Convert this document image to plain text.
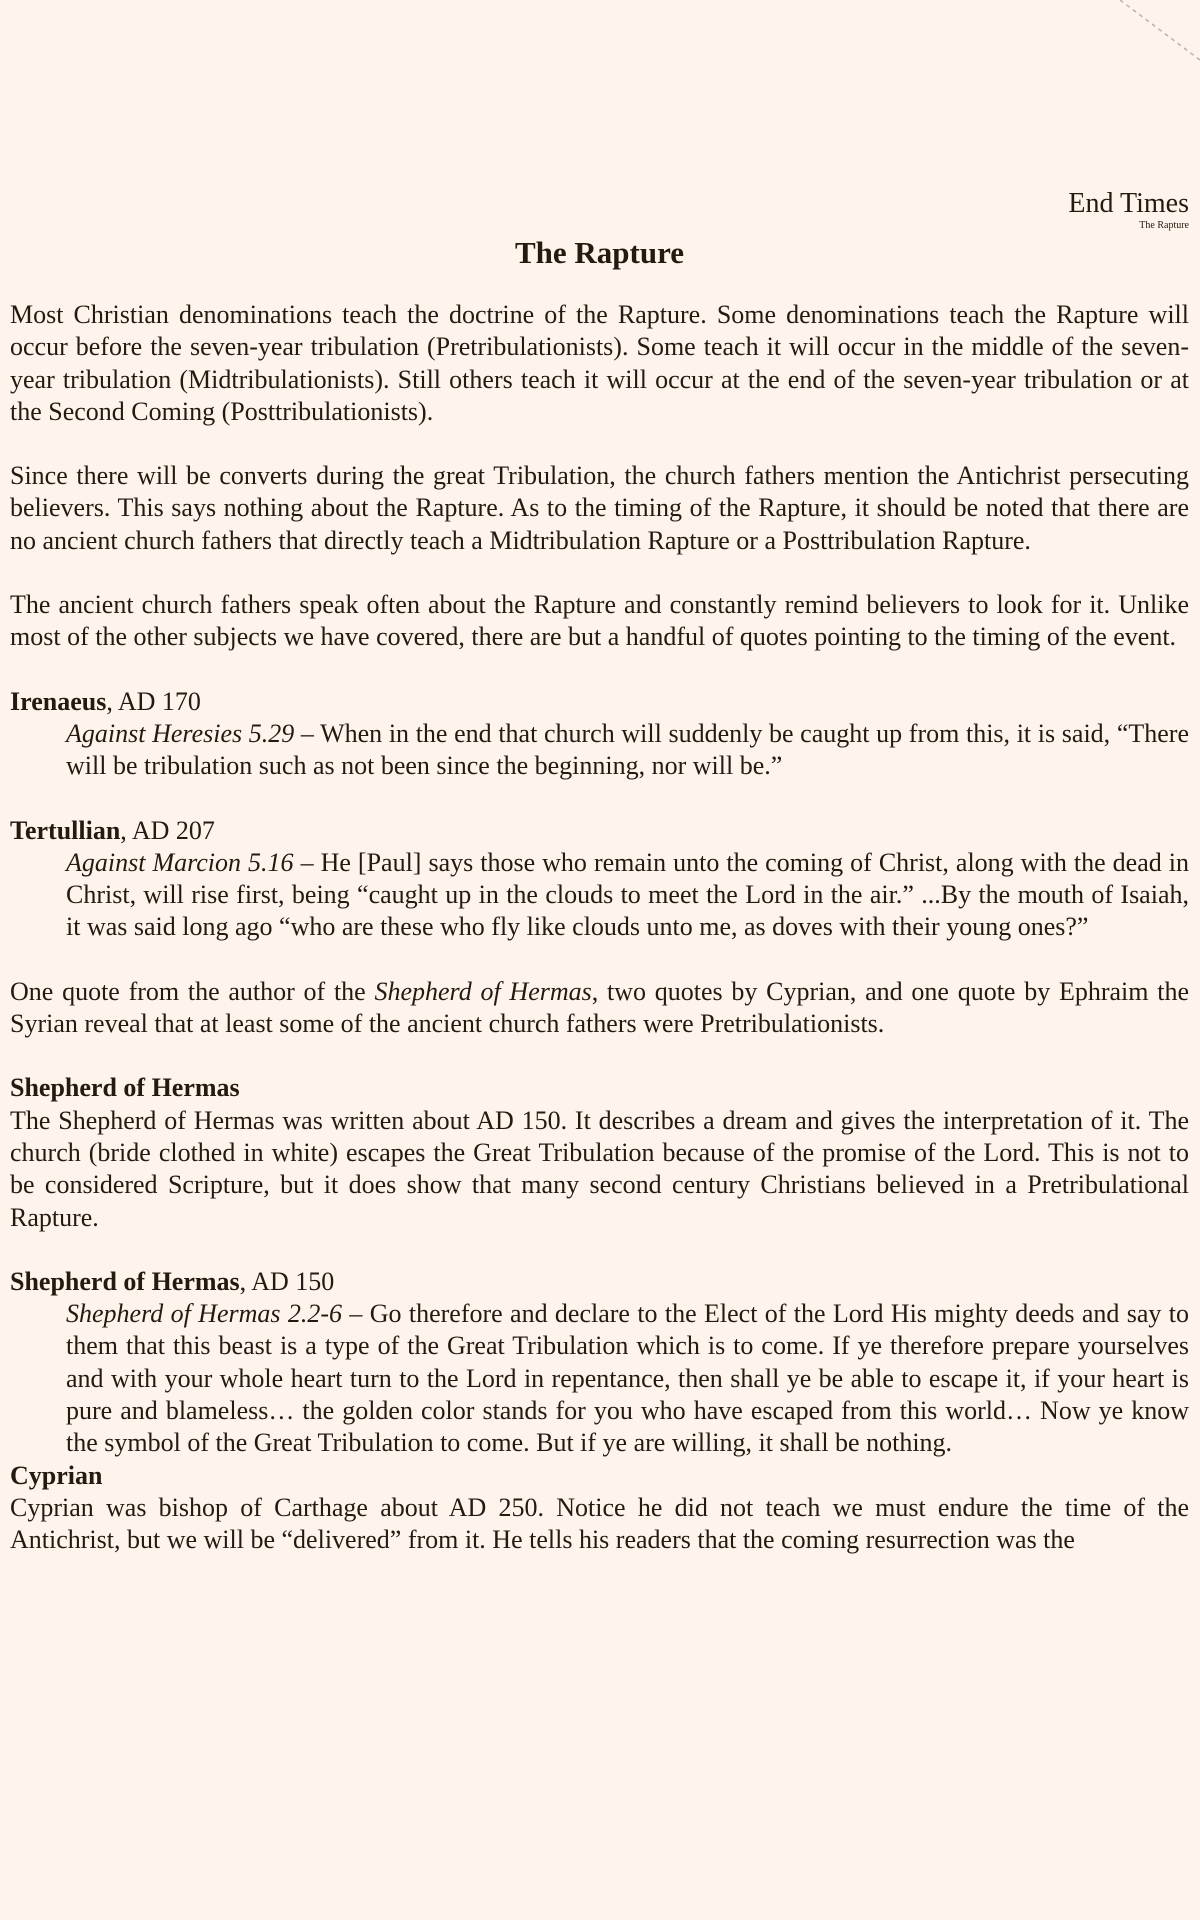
End Times
The Rapture
The Rapture

Most Christian denominations teach the doctrine of the Rapture. Some denominations teach the Rapture will occur before the seven-year tribulation (Pretribulationists). Some teach it will occur in the middle of the seven-year tribulation (Midtribulationists). Still others teach it will occur at the end of the seven-year tribulation or at the Second Coming (Posttribulationists).

Since there will be converts during the great Tribulation, the church fathers mention the Antichrist persecuting believers. This says nothing about the Rapture. As to the timing of the Rapture, it should be noted that there are no ancient church fathers that directly teach a Midtribulation Rapture or a Posttribulation Rapture.

The ancient church fathers speak often about the Rapture and constantly remind believers to look for it. Unlike most of the other subjects we have covered, there are but a handful of quotes pointing to the timing of the event.

Irenaeus, AD 170

Against Heresies 5.29 – When in the end that church will suddenly be caught up from this, it is said, “There will be tribulation such as not been since the beginning, nor will be.”

Tertullian, AD 207

Against Marcion 5.16 – He [Paul] says those who remain unto the coming of Christ, along with the dead in Christ, will rise first, being “caught up in the clouds to meet the Lord in the air.” ...By the mouth of Isaiah, it was said long ago “who are these who fly like clouds unto me, as doves with their young ones?”

One quote from the author of the Shepherd of Hermas, two quotes by Cyprian, and one quote by Ephraim the Syrian reveal that at least some of the ancient church fathers were Pretribulationists.

Shepherd of Hermas

The Shepherd of Hermas was written about AD 150. It describes a dream and gives the interpretation of it. The church (bride clothed in white) escapes the Great Tribulation because of the promise of the Lord. This is not to be considered Scripture, but it does show that many second century Christians believed in a Pretribulational Rapture.

Shepherd of Hermas, AD 150

Shepherd of Hermas 2.2-6 – Go therefore and declare to the Elect of the Lord His mighty deeds and say to them that this beast is a type of the Great Tribulation which is to come. If ye therefore prepare yourselves and with your whole heart turn to the Lord in repentance, then shall ye be able to escape it, if your heart is pure and blameless… the golden color stands for you who have escaped from this world… Now ye know the symbol of the Great Tribulation to come. But if ye are willing, it shall be nothing.

Cyprian

Cyprian was bishop of Carthage about AD 250. Notice he did not teach we must endure the time of the Antichrist, but we will be “delivered” from it. He tells his readers that the coming resurrection was the
